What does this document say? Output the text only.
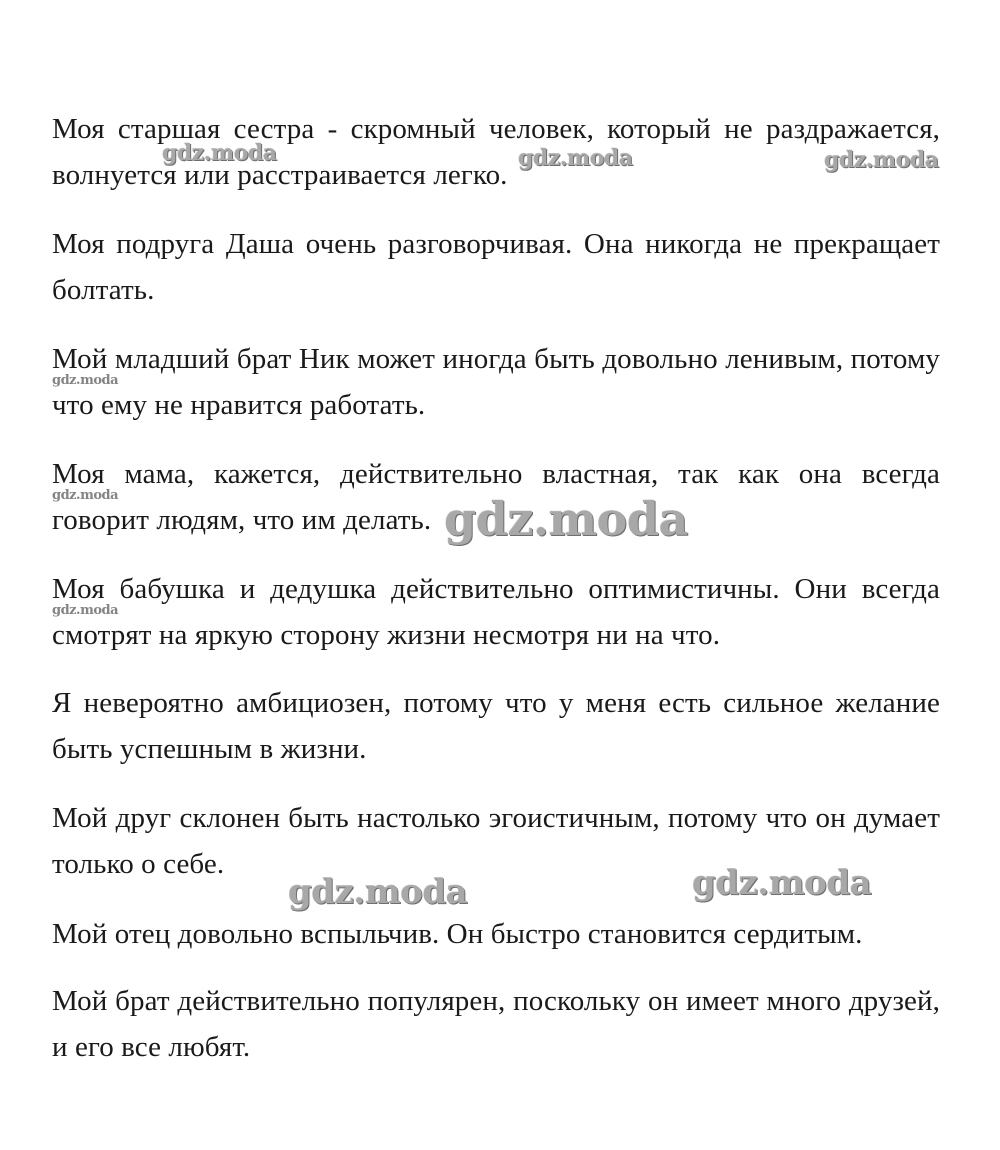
Моя старшая сестра - скромный человек, который не раздражается, волнуется или расстраивается легко.

Моя подруга Даша очень разговорчивая. Она никогда не прекращает болтать.

Мой младший брат Ник может иногда быть довольно ленивым, потому что ему не нравится работать.

Моя мама, кажется, действительно властная, так как она всегда говорит людям, что им делать.

Моя бабушка и дедушка действительно оптимистичны. Они всегда смотрят на яркую сторону жизни несмотря ни на что.

Я невероятно амбициозен, потому что у меня есть сильное желание быть успешным в жизни.

Мой друг склонен быть настолько эгоистичным, потому что он думает только о себе.

Мой отец довольно вспыльчив. Он быстро становится сердитым.

Мой брат действительно популярен, поскольку он имеет много друзей, и его все любят.

gdz.moda	gdz.moda	gdz.moda
gdz.moda
gdz.moda	gdz.moda
gdz.moda
gdz.moda	gdz.moda
